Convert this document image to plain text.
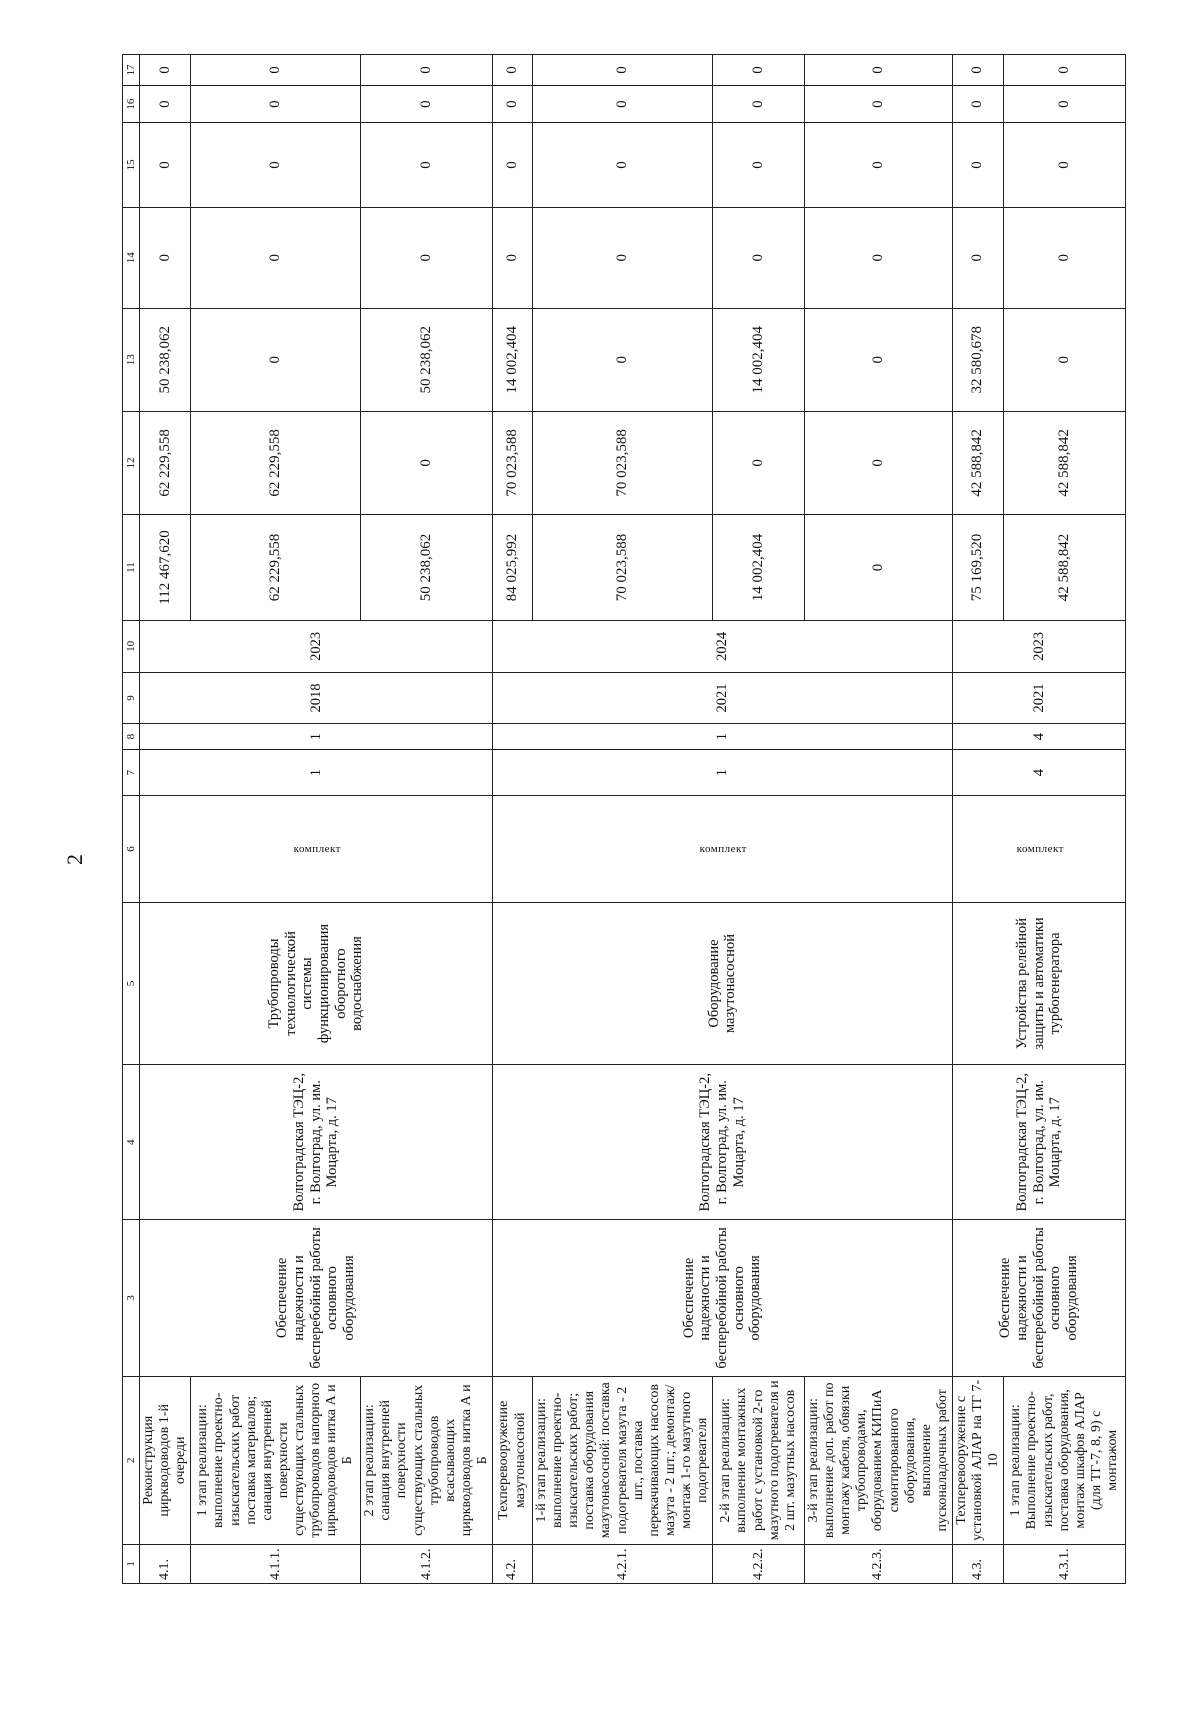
2
1	2	3	4	5	6	7	8	9	10	11	12	13	14	15	16	17
4.1.	Реконструкция циркводоводов 1-й очереди	Обеспечение надежности и бесперебойной работы основного оборудования	Волгоградская ТЭЦ-2, г. Волгоград, ул. им. Моцарта, д. 17	Трубопроводы технологической системы функционирования оборотного водоснабжения	комплект	1	1	2018	2023	112 467,620	62 229,558	50 238,062	0	0	0	0
4.1.1.	1 этап реализации: выполнение проектно-изыскательских работ поставка материалов; санация внутренней поверхности существующих стальных трубопроводов напорного циркводоводов нитка А и Б									62 229,558	62 229,558	0	0	0	0	0
4.1.2.	2 этап реализации: санация внутренней поверхности существующих стальных трубопроводов всасывающих циркводоводов нитка А и Б									50 238,062	0	50 238,062	0	0	0	0
4.2.	Техперевооружение мазутонасосной	Обеспечение надежности и бесперебойной работы основного оборудования	Волгоградская ТЭЦ-2, г. Волгоград, ул. им. Моцарта, д. 17	Оборудование мазутонасосной	комплект	1	1	2021	2024	84 025,992	70 023,588	14 002,404	0	0	0	0
4.2.1.	1-й этап реализации: выполнение проектно-изыскательских работ; поставка оборудования мазутонасосной: поставка подогревателя мазута - 2 шт., поставка перекачивающих насосов мазута - 2 шт.; демонтаж/монтаж 1-го мазутного подогревателя									70 023,588	70 023,588	0	0	0	0	0
4.2.2.	2-й этап реализации: выполнение монтажных работ с установкой 2-го мазутного подогревателя и 2 шт. мазутных насосов									14 002,404	0	14 002,404	0	0	0	0
4.2.3.	3-й этап реализации: выполнение доп. работ по монтажу кабеля, обвязки трубопроводами, оборудованием КИПиА смонтированного оборудования, выполнение пусконаладочных работ									0	0	0	0	0	0	0
4.3.	Техперевооружение с установкой АЛАР на ТГ 7-10	Обеспечение надежности и бесперебойной работы основного оборудования	Волгоградская ТЭЦ-2, г. Волгоград, ул. им. Моцарта, д. 17	Устройства релейной защиты и автоматики турбогенератора	комплект	4	4	2021	2023	75 169,520	42 588,842	32 580,678	0	0	0	0
4.3.1.	1 этап реализации: Выполнение проектно-изыскательских работ, поставка оборудования, монтаж шкафов АЛАР (для ТГ-7, 8, 9) с монтажом									42 588,842	42 588,842	0	0	0	0	0
